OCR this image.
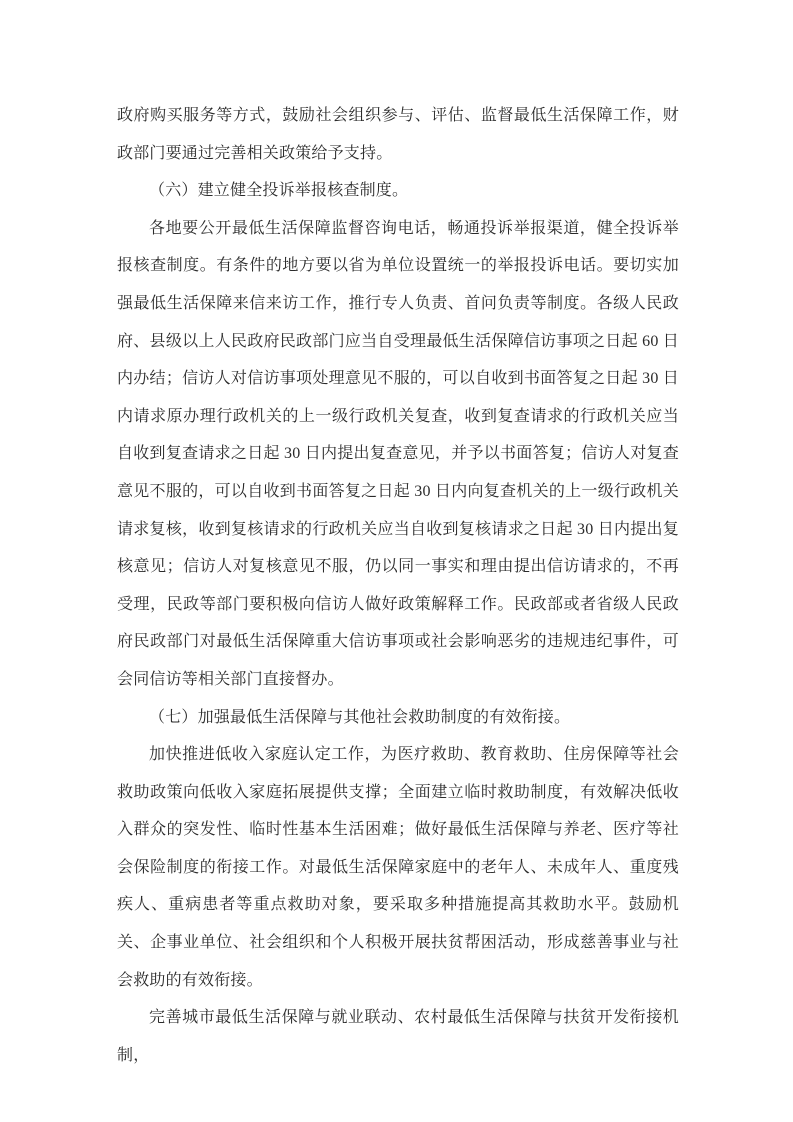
政府购买服务等方式，鼓励社会组织参与、评估、监督最低生活保障工作，财政部门要通过完善相关政策给予支持。

（六）建立健全投诉举报核查制度。

各地要公开最低生活保障监督咨询电话，畅通投诉举报渠道，健全投诉举报核查制度。有条件的地方要以省为单位设置统一的举报投诉电话。要切实加强最低生活保障来信来访工作，推行专人负责、首问负责等制度。各级人民政府、县级以上人民政府民政部门应当自受理最低生活保障信访事项之日起 60 日内办结；信访人对信访事项处理意见不服的，可以自收到书面答复之日起 30 日内请求原办理行政机关的上一级行政机关复查，收到复查请求的行政机关应当自收到复查请求之日起 30 日内提出复查意见，并予以书面答复；信访人对复查意见不服的，可以自收到书面答复之日起 30 日内向复查机关的上一级行政机关请求复核，收到复核请求的行政机关应当自收到复核请求之日起 30 日内提出复核意见；信访人对复核意见不服，仍以同一事实和理由提出信访请求的，不再受理，民政等部门要积极向信访人做好政策解释工作。民政部或者省级人民政府民政部门对最低生活保障重大信访事项或社会影响恶劣的违规违纪事件，可会同信访等相关部门直接督办。

（七）加强最低生活保障与其他社会救助制度的有效衔接。

加快推进低收入家庭认定工作，为医疗救助、教育救助、住房保障等社会救助政策向低收入家庭拓展提供支撑；全面建立临时救助制度，有效解决低收入群众的突发性、临时性基本生活困难；做好最低生活保障与养老、医疗等社会保险制度的衔接工作。对最低生活保障家庭中的老年人、未成年人、重度残疾人、重病患者等重点救助对象，要采取多种措施提高其救助水平。鼓励机关、企事业单位、社会组织和个人积极开展扶贫帮困活动，形成慈善事业与社会救助的有效衔接。

完善城市最低生活保障与就业联动、农村最低生活保障与扶贫开发衔接机制，
